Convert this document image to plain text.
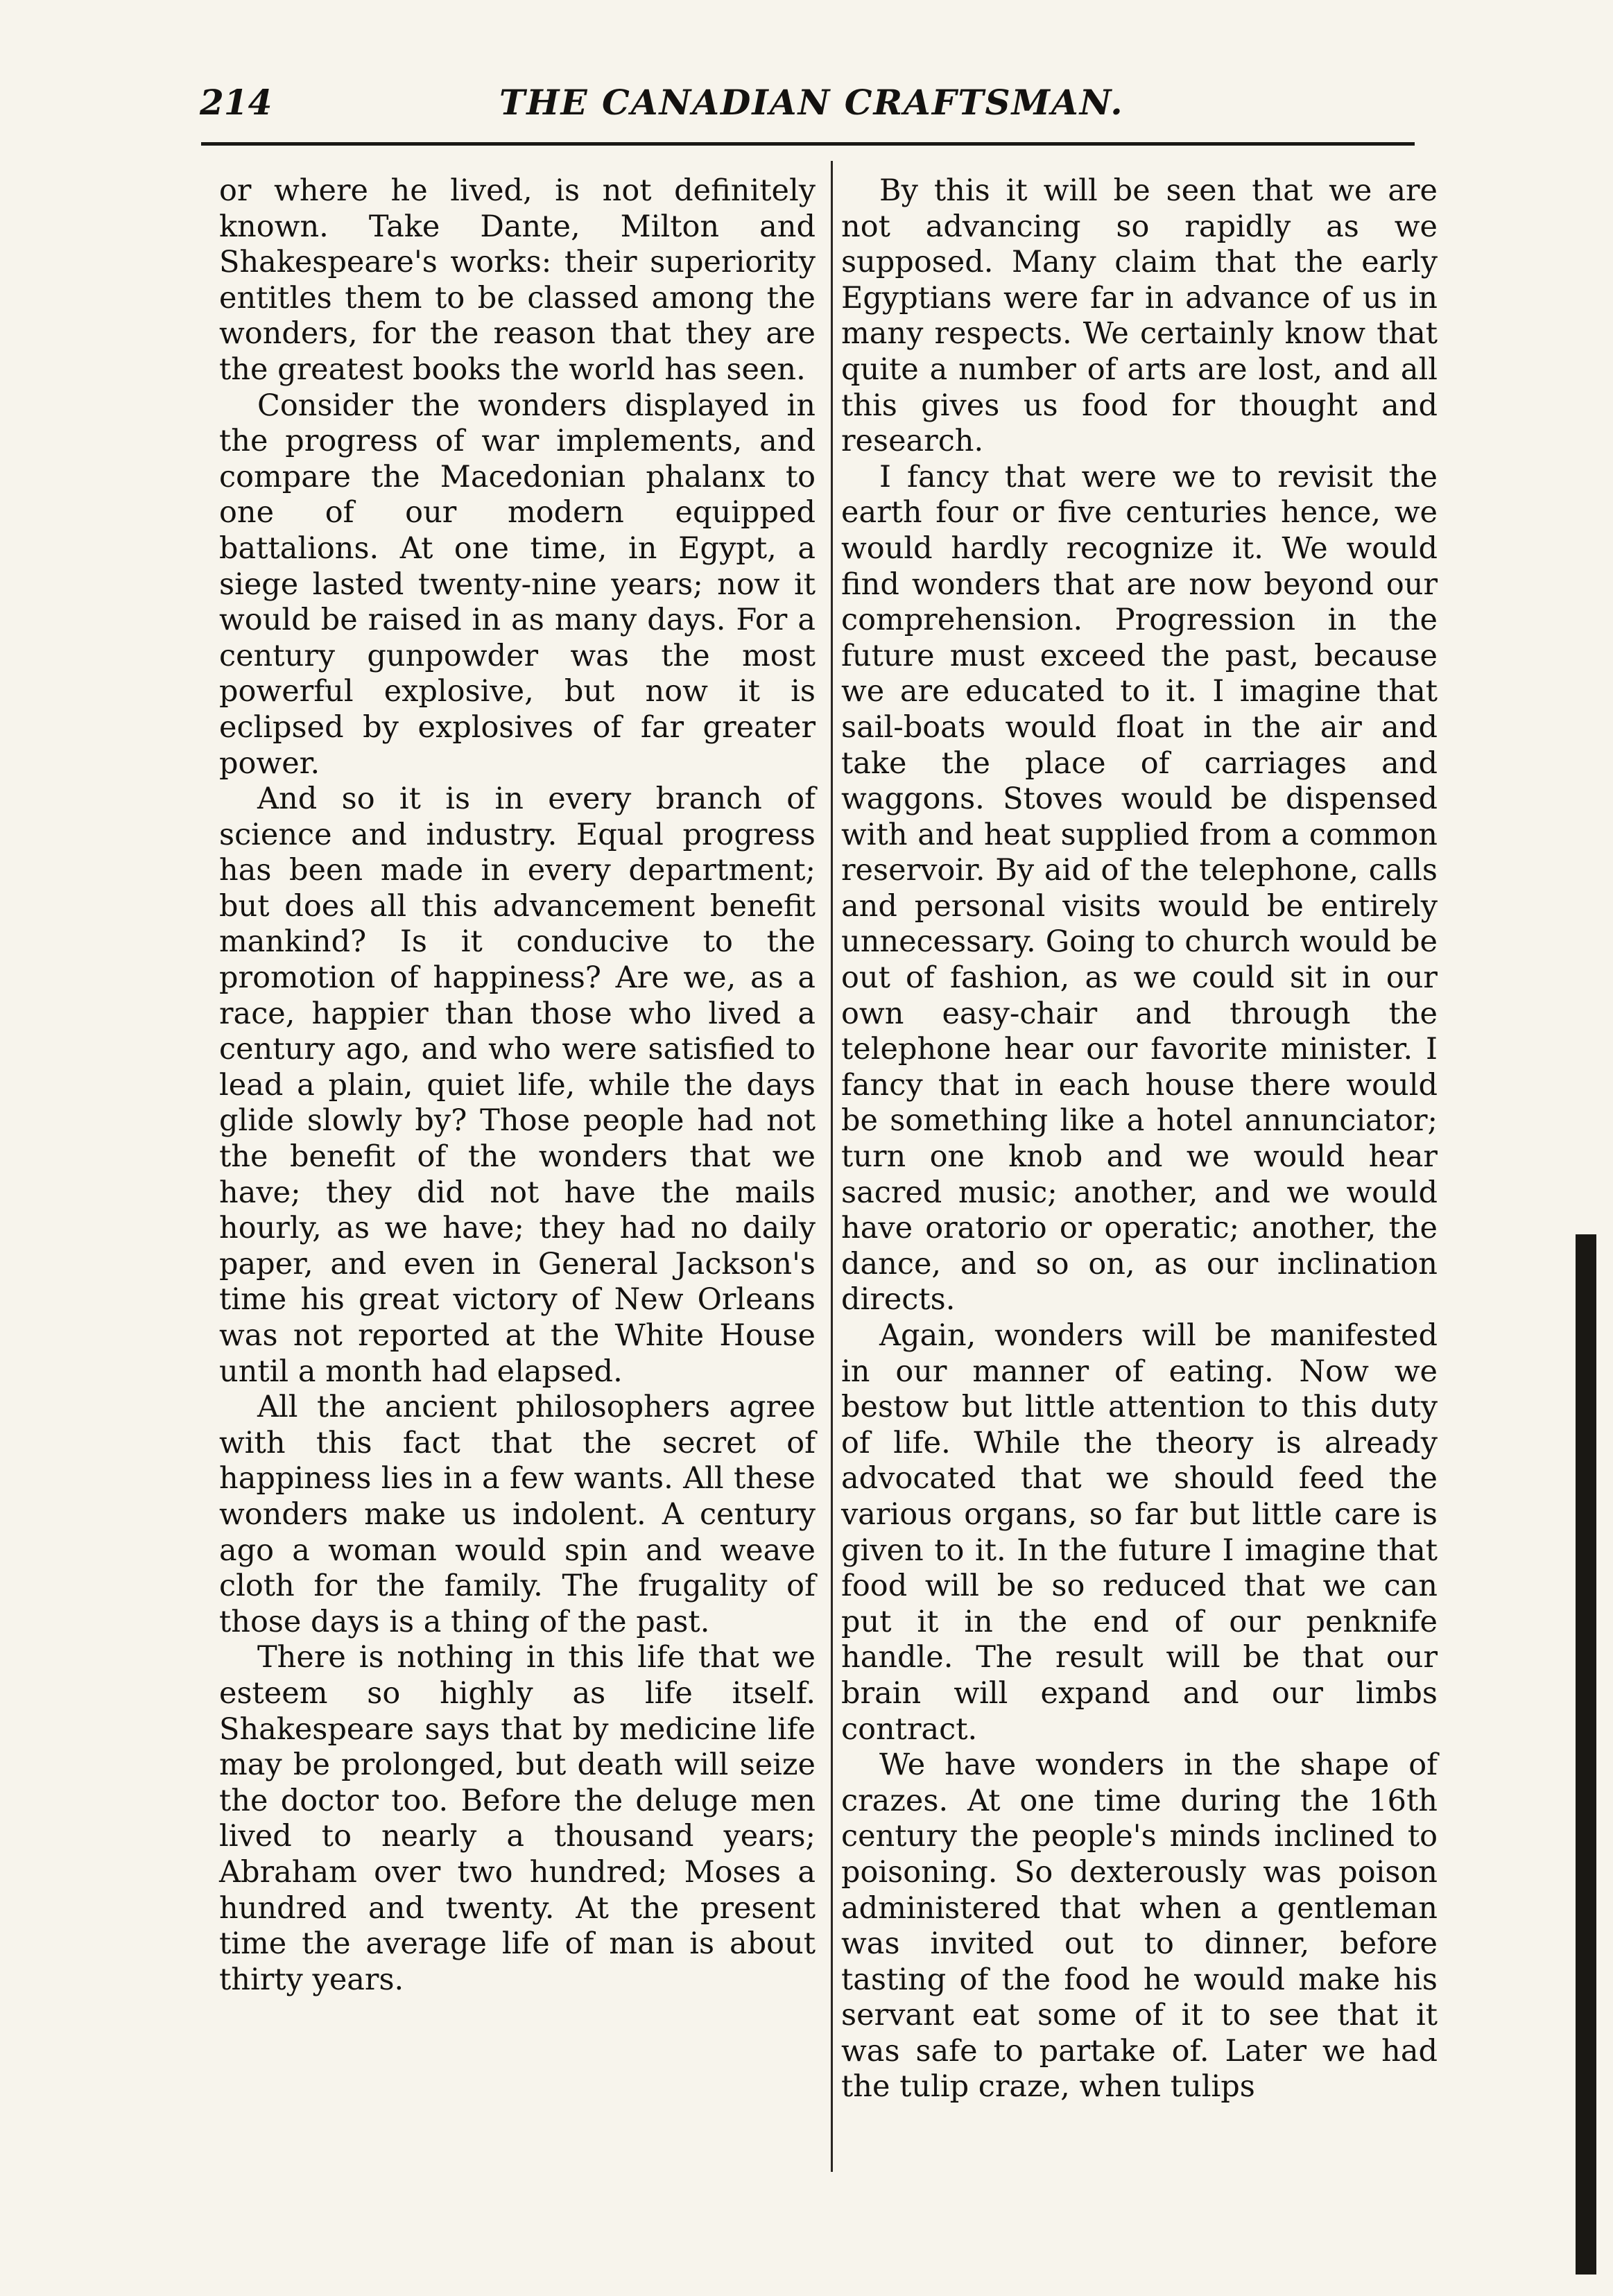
214	THE CANADIAN CRAFTSMAN.

or where he lived, is not definitely known. Take Dante, Milton and Shakespeare's works: their superiority entitles them to be classed among the wonders, for the reason that they are the greatest books the world has seen.

Consider the wonders displayed in the progress of war implements, and compare the Macedonian phalanx to one of our modern equipped battalions. At one time, in Egypt, a siege lasted twenty-nine years; now it would be raised in as many days. For a century gunpowder was the most powerful explosive, but now it is eclipsed by explosives of far greater power.

And so it is in every branch of science and industry. Equal progress has been made in every department; but does all this advancement benefit mankind? Is it conducive to the promotion of happiness? Are we, as a race, happier than those who lived a century ago, and who were satisfied to lead a plain, quiet life, while the days glide slowly by? Those people had not the benefit of the wonders that we have; they did not have the mails hourly, as we have; they had no daily paper, and even in General Jackson's time his great victory of New Orleans was not reported at the White House until a month had elapsed.

All the ancient philosophers agree with this fact that the secret of happiness lies in a few wants. All these wonders make us indolent. A century ago a woman would spin and weave cloth for the family. The frugality of those days is a thing of the past.

There is nothing in this life that we esteem so highly as life itself. Shakespeare says that by medicine life may be prolonged, but death will seize the doctor too. Before the deluge men lived to nearly a thousand years; Abraham over two hundred; Moses a hundred and twenty. At the present time the average life of man is about thirty years.

By this it will be seen that we are not advancing so rapidly as we supposed. Many claim that the early Egyptians were far in advance of us in many respects. We certainly know that quite a number of arts are lost, and all this gives us food for thought and research.

I fancy that were we to revisit the earth four or five centuries hence, we would hardly recognize it. We would find wonders that are now beyond our comprehension. Progression in the future must exceed the past, because we are educated to it. I imagine that sail-boats would float in the air and take the place of carriages and waggons. Stoves would be dispensed with and heat supplied from a common reservoir. By aid of the telephone, calls and personal visits would be entirely unnecessary. Going to church would be out of fashion, as we could sit in our own easy-chair and through the telephone hear our favorite minister. I fancy that in each house there would be something like a hotel annunciator; turn one knob and we would hear sacred music; another, and we would have oratorio or operatic; another, the dance, and so on, as our inclination directs.

Again, wonders will be manifested in our manner of eating. Now we bestow but little attention to this duty of life. While the theory is already advocated that we should feed the various organs, so far but little care is given to it. In the future I imagine that food will be so reduced that we can put it in the end of our penknife handle. The result will be that our brain will expand and our limbs contract.

We have wonders in the shape of crazes. At one time during the 16th century the people's minds inclined to poisoning. So dexterously was poison administered that when a gentleman was invited out to dinner, before tasting of the food he would make his servant eat some of it to see that it was safe to partake of. Later we had the tulip craze, when tulips
